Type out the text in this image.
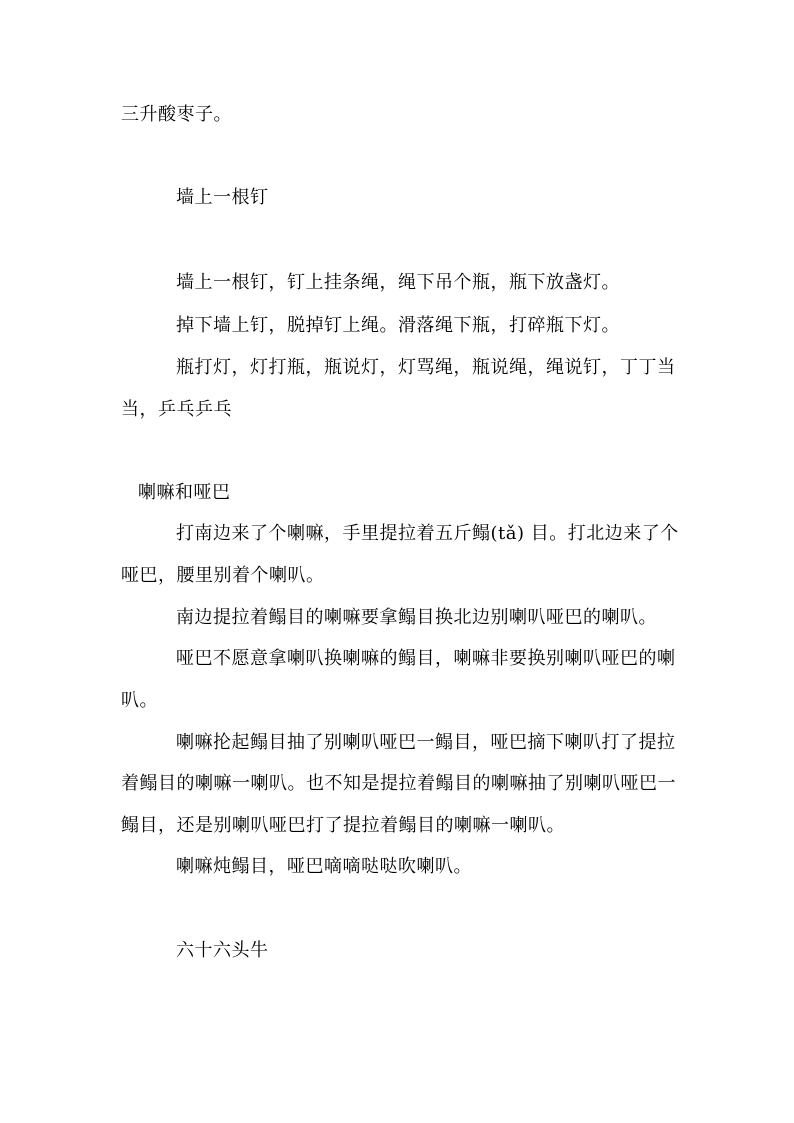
三升酸枣子。
墙上一根钉
墙上一根钉，钉上挂条绳，绳下吊个瓶，瓶下放盏灯。
掉下墙上钉，脱掉钉上绳。滑落绳下瓶，打碎瓶下灯。
瓶打灯，灯打瓶，瓶说灯，灯骂绳，瓶说绳，绳说钉，丁丁当
当，乒乓乒乓
喇嘛和哑巴
打南边来了个喇嘛，手里提拉着五斤鳎(tǎ) 目。打北边来了个
哑巴，腰里别着个喇叭。
南边提拉着鳎目的喇嘛要拿鳎目换北边别喇叭哑巴的喇叭。
哑巴不愿意拿喇叭换喇嘛的鳎目，喇嘛非要换别喇叭哑巴的喇
叭。
喇嘛抡起鳎目抽了别喇叭哑巴一鳎目，哑巴摘下喇叭打了提拉
着鳎目的喇嘛一喇叭。也不知是提拉着鳎目的喇嘛抽了别喇叭哑巴一
鳎目，还是别喇叭哑巴打了提拉着鳎目的喇嘛一喇叭。
喇嘛炖鳎目，哑巴嘀嘀哒哒吹喇叭。
六十六头牛
